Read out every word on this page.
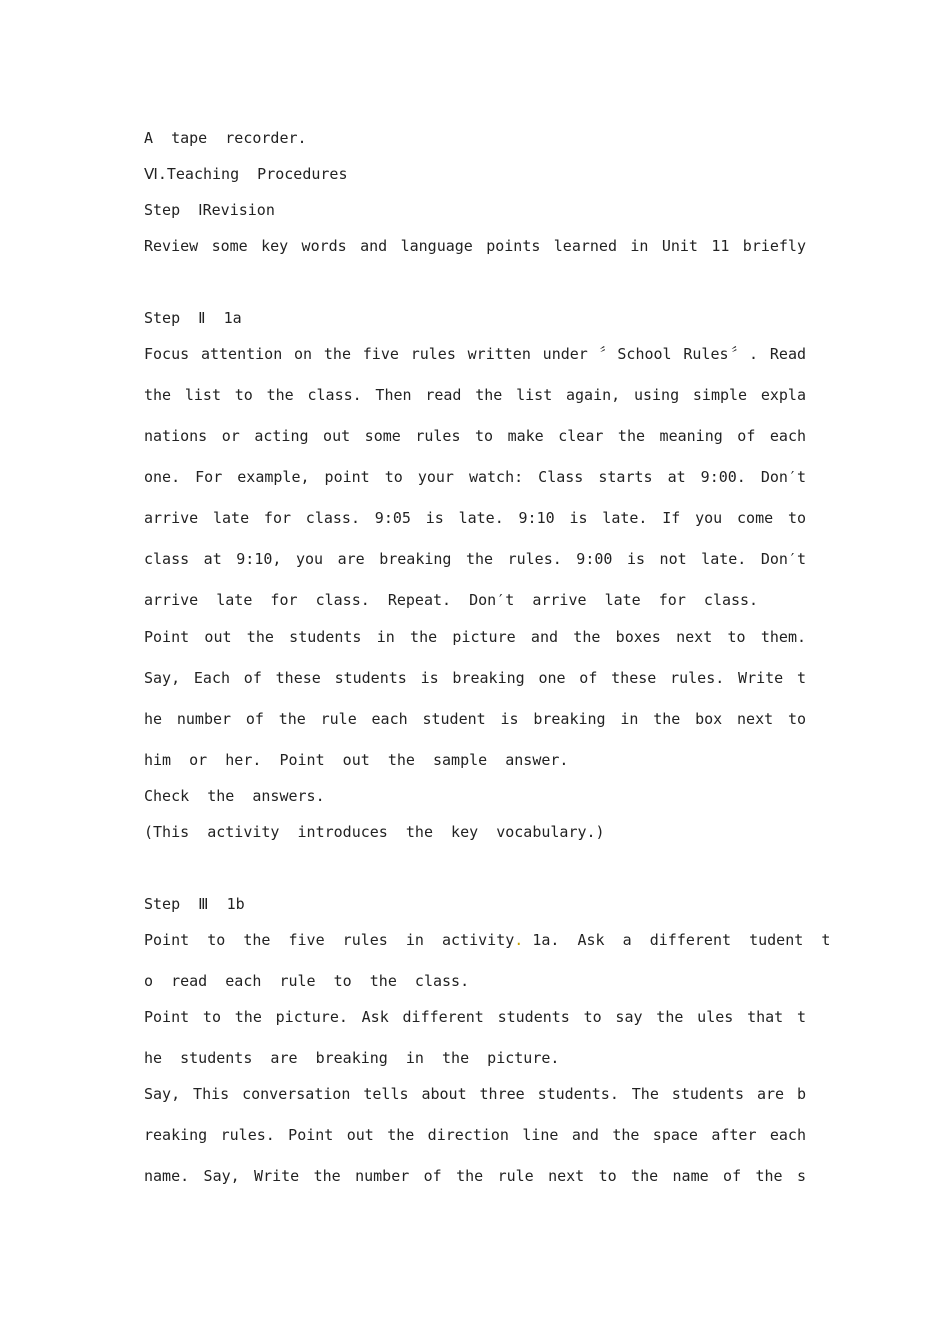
A  tape  recorder.

Ⅵ.Teaching  Procedures

Step  ⅠRevision

Review some key words and language points learned in Unit 11 briefly

Step  Ⅱ  1a

Focus attention on the five rules written under 〞School Rules〞. Read

the list to the class. Then read the list again, using simple expla

nations or acting out some rules to make clear the meaning of each

one. For example, point to your watch: Class starts at 9:00. Don′t

arrive late for class. 9:05 is late. 9:10 is late. If you come to

class at 9:10, you are breaking the rules. 9:00 is not late. Don′t

arrive  late  for  class.  Repeat.  Don′t  arrive  late  for  class.

Point out the students in the picture and the boxes next to them.

Say, Each of these students is breaking one of these rules. Write t

he number of the rule each student is breaking in the box next to

him  or  her.  Point  out  the  sample  answer.

Check  the  answers.

(This  activity  introduces  the  key  vocabulary.)

Step  Ⅲ  1b

Point  to  the  five  rules  in  activity. 1a.  Ask  a  different  tudent  t

o  read  each  rule  to  the  class.

Point to the picture. Ask different students to say the ules that t

he  students  are  breaking  in  the  picture.

Say, This conversation tells about three students. The students are b

reaking rules. Point out the direction line and the space after each

name. Say, Write the number of the rule next to the name of the s
